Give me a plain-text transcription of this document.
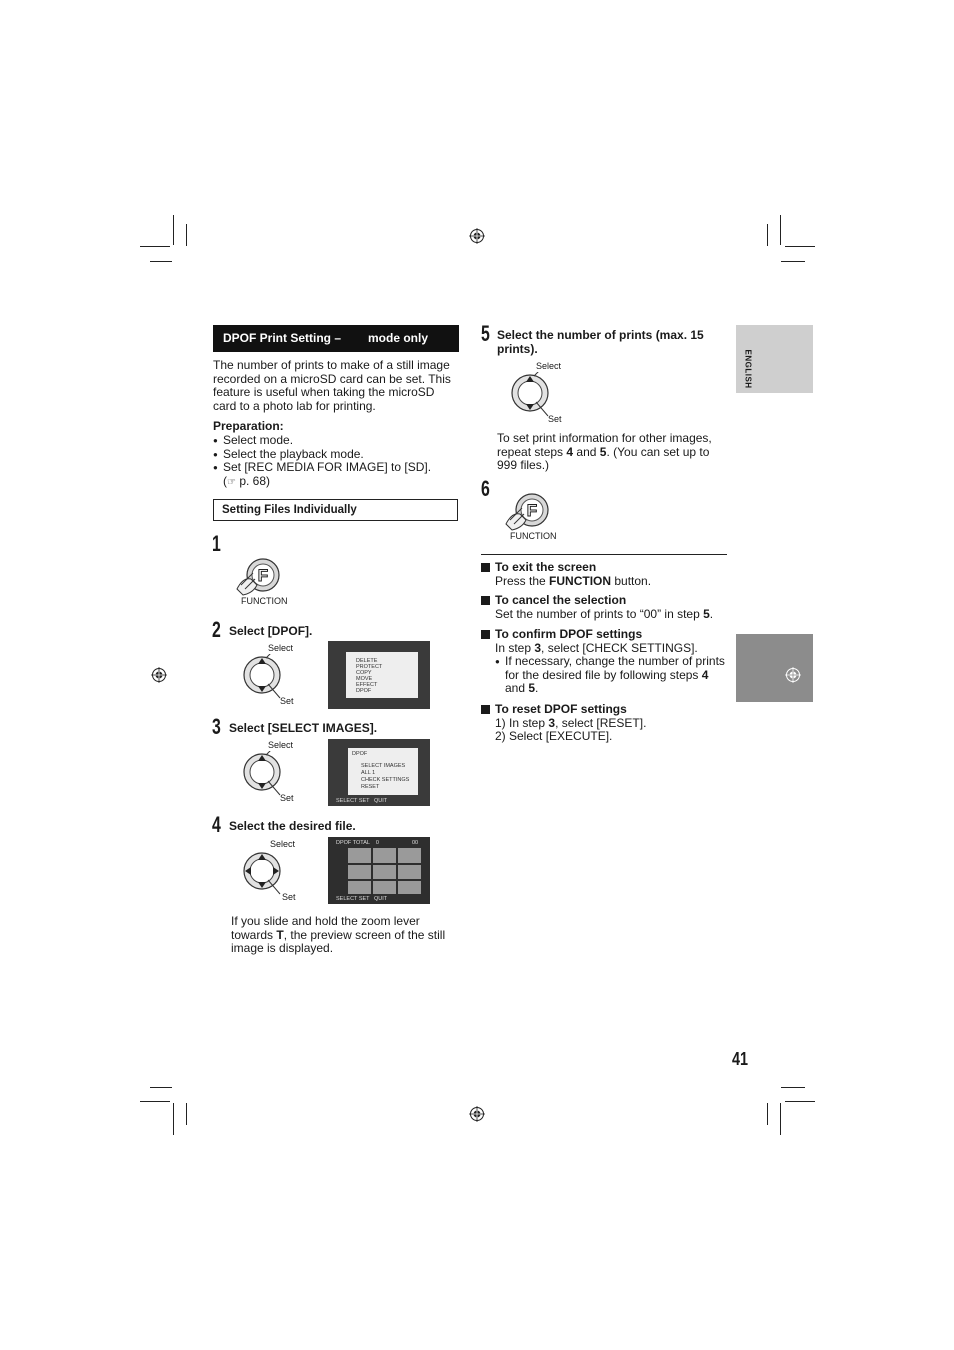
ENGLISH
DPOF Print Setting – mode only
The number of prints to make of a still image recorded on a microSD card can be set. This feature is useful when taking the microSD card to a photo lab for printing.
Preparation:
● Select mode.
● Select the playback mode.
● Set [REC MEDIA FOR IMAGE] to [SD].
(☞ p. 68)
Setting Files Individually
1
F
FUNCTION
2 Select [DPOF].
Select
Set
DELETE
PROTECT
COPY
MOVE
EFFECT
DPOF
3 Select [SELECT IMAGES].
Select
Set
DPOF
SELECT IMAGES
ALL 1
CHECK SETTINGS
RESET
SELECT SET QUIT
4 Select the desired file.
Select
Set
DPOF TOTAL 0	00
SELECT SET QUIT
If you slide and hold the zoom lever towards T, the preview screen of the still image is displayed.
5 Select the number of prints (max. 15 prints).
Select
Set
To set print information for other images, repeat steps 4 and 5. (You can set up to 999 files.)
6
F
FUNCTION
To exit the screen
Press the FUNCTION button.
To cancel the selection
Set the number of prints to “00” in step 5.
To confirm DPOF settings
In step 3, select [CHECK SETTINGS].
● If necessary, change the number of prints for the desired file by following steps 4 and 5.
To reset DPOF settings
1) In step 3, select [RESET].
2) Select [EXECUTE].
41
